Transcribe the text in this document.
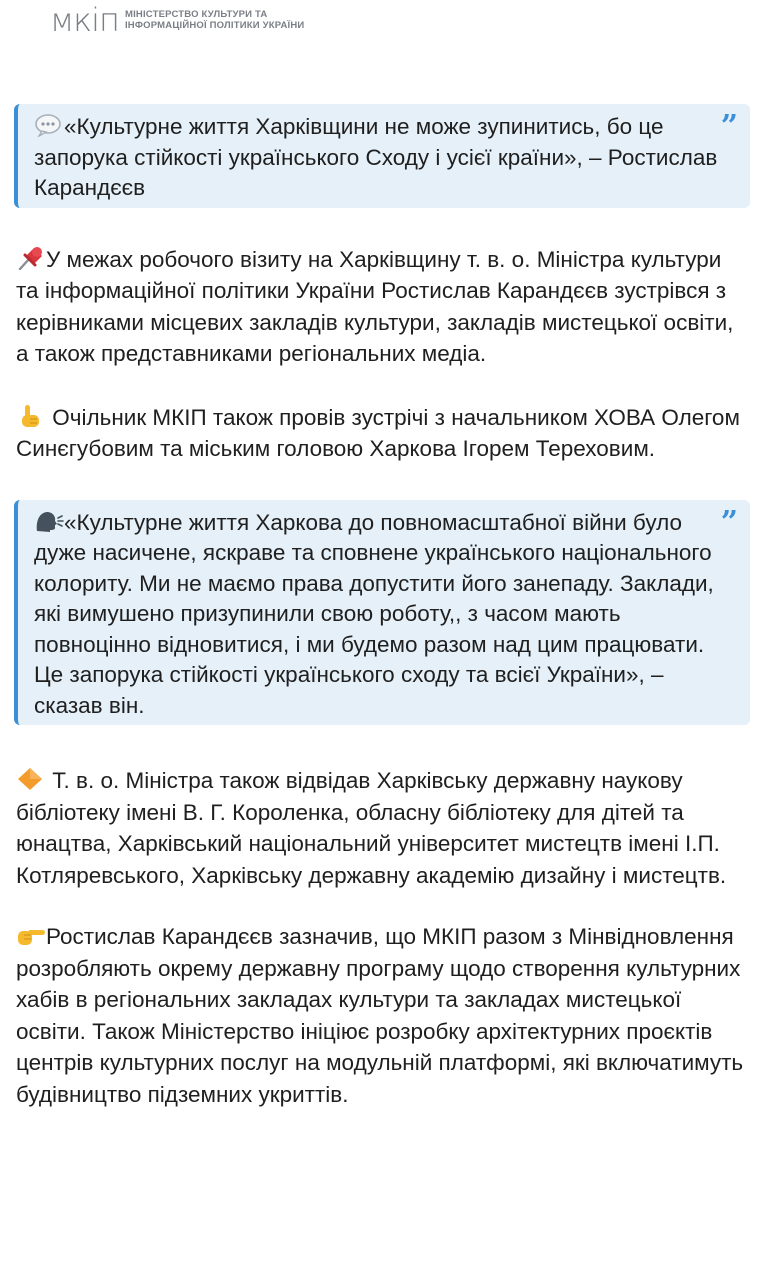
мкіп МІНІСТЕРСТВО КУЛЬТУРИ ТА
ІНФОРМАЦІЙНОЇ ПОЛІТИКИ УКРАЇНИ
«Культурне життя Харківщини не може зупинитись, бо це запорука стійкості українського Сходу і усієї країни», – Ростислав Карандєєв
”

У межах робочого візиту на Харківщину т. в. о. Міністра культури та інформаційної політики України Ростислав Карандєєв зустрівся з керівниками місцевих закладів культури, закладів мистецької освіти, а також представниками регіональних медіа.

Очільник МКІП також провів зустрічі з начальником ХОВА Олегом Синєгубовим та міським головою Харкова Ігорем Тереховим.

«Культурне життя Харкова до повномасштабної війни було дуже насичене, яскраве та сповнене українського національного колориту. Ми не маємо права допустити його занепаду. Заклади, які вимушено призупинили свою роботу,, з часом мають повноцінно відновитися, і ми будемо разом над цим працювати. Це запорука стійкості українського сходу та всієї України», – сказав він.
”

Т. в. о. Міністра також відвідав Харківську державну наукову бібліотеку імені В. Г. Короленка, обласну бібліотеку для дітей та юнацтва, Харківський національний університет мистецтв імені І.П. Котляревського, Харківську державну академію дизайну і мистецтв.

Ростислав Карандєєв зазначив, що МКІП разом з Мінвідновлення розробляють окрему державну програму щодо створення культурних хабів в регіональних закладах культури та закладах мистецької освіти. Також Міністерство ініціює розробку архітектурних проєктів центрів культурних послуг на модульній платформі, які включатимуть будівництво підземних укриттів.
